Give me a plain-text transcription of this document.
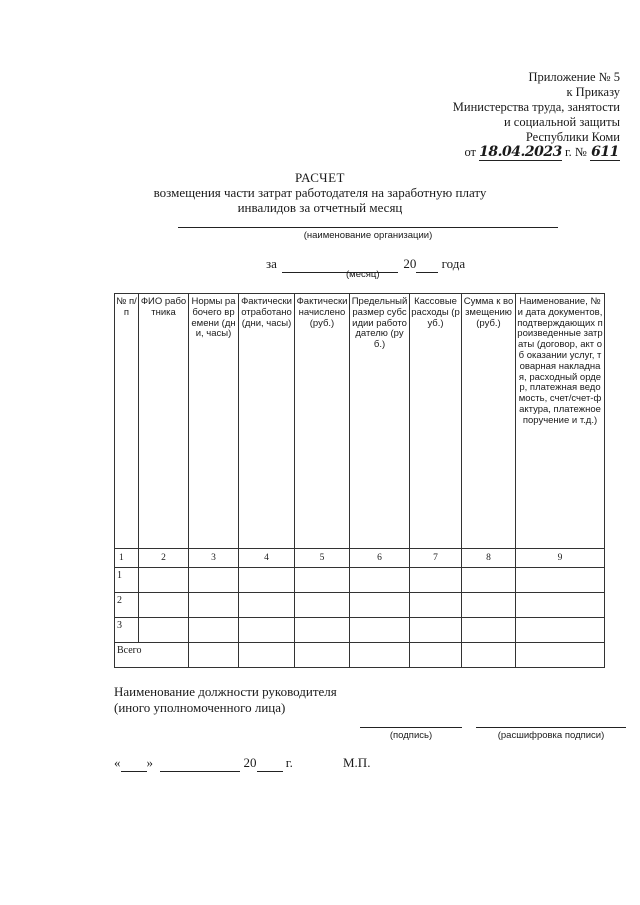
Приложение № 5
к Приказу
Министерства труда, занятости
и социальной защиты
Республики Коми
от 18.04.2023 г. № 611
РАСЧЕТ
возмещения части затрат работодателя на заработную плату
инвалидов за отчетный месяц
(наименование организации)
за	20 года
(месяц)
№ п/п	ФИО работника	Нормы рабочего времени (дни, часы)	Фактически отработано (дни, часы)	Фактически начислено (руб.)	Предельный размер субсидии работодателю (руб.)	Кассовые расходы (руб.)	Сумма к возмещению (руб.)	Наименование, № и дата документов, подтверждающих произведенные затраты (договор, акт об оказании услуг, товарная накладная, расходный ордер, платежная ведомость, счет/счет-фактура, платежное поручение и т.д.)
1	2	3	4	5	6	7	8	9
1								
2								
3								
Всего								
Наименование должности руководителя
(иного уполномоченного лица)
(подпись)	(расшифровка подписи)
« »	20 г.	М.П.
